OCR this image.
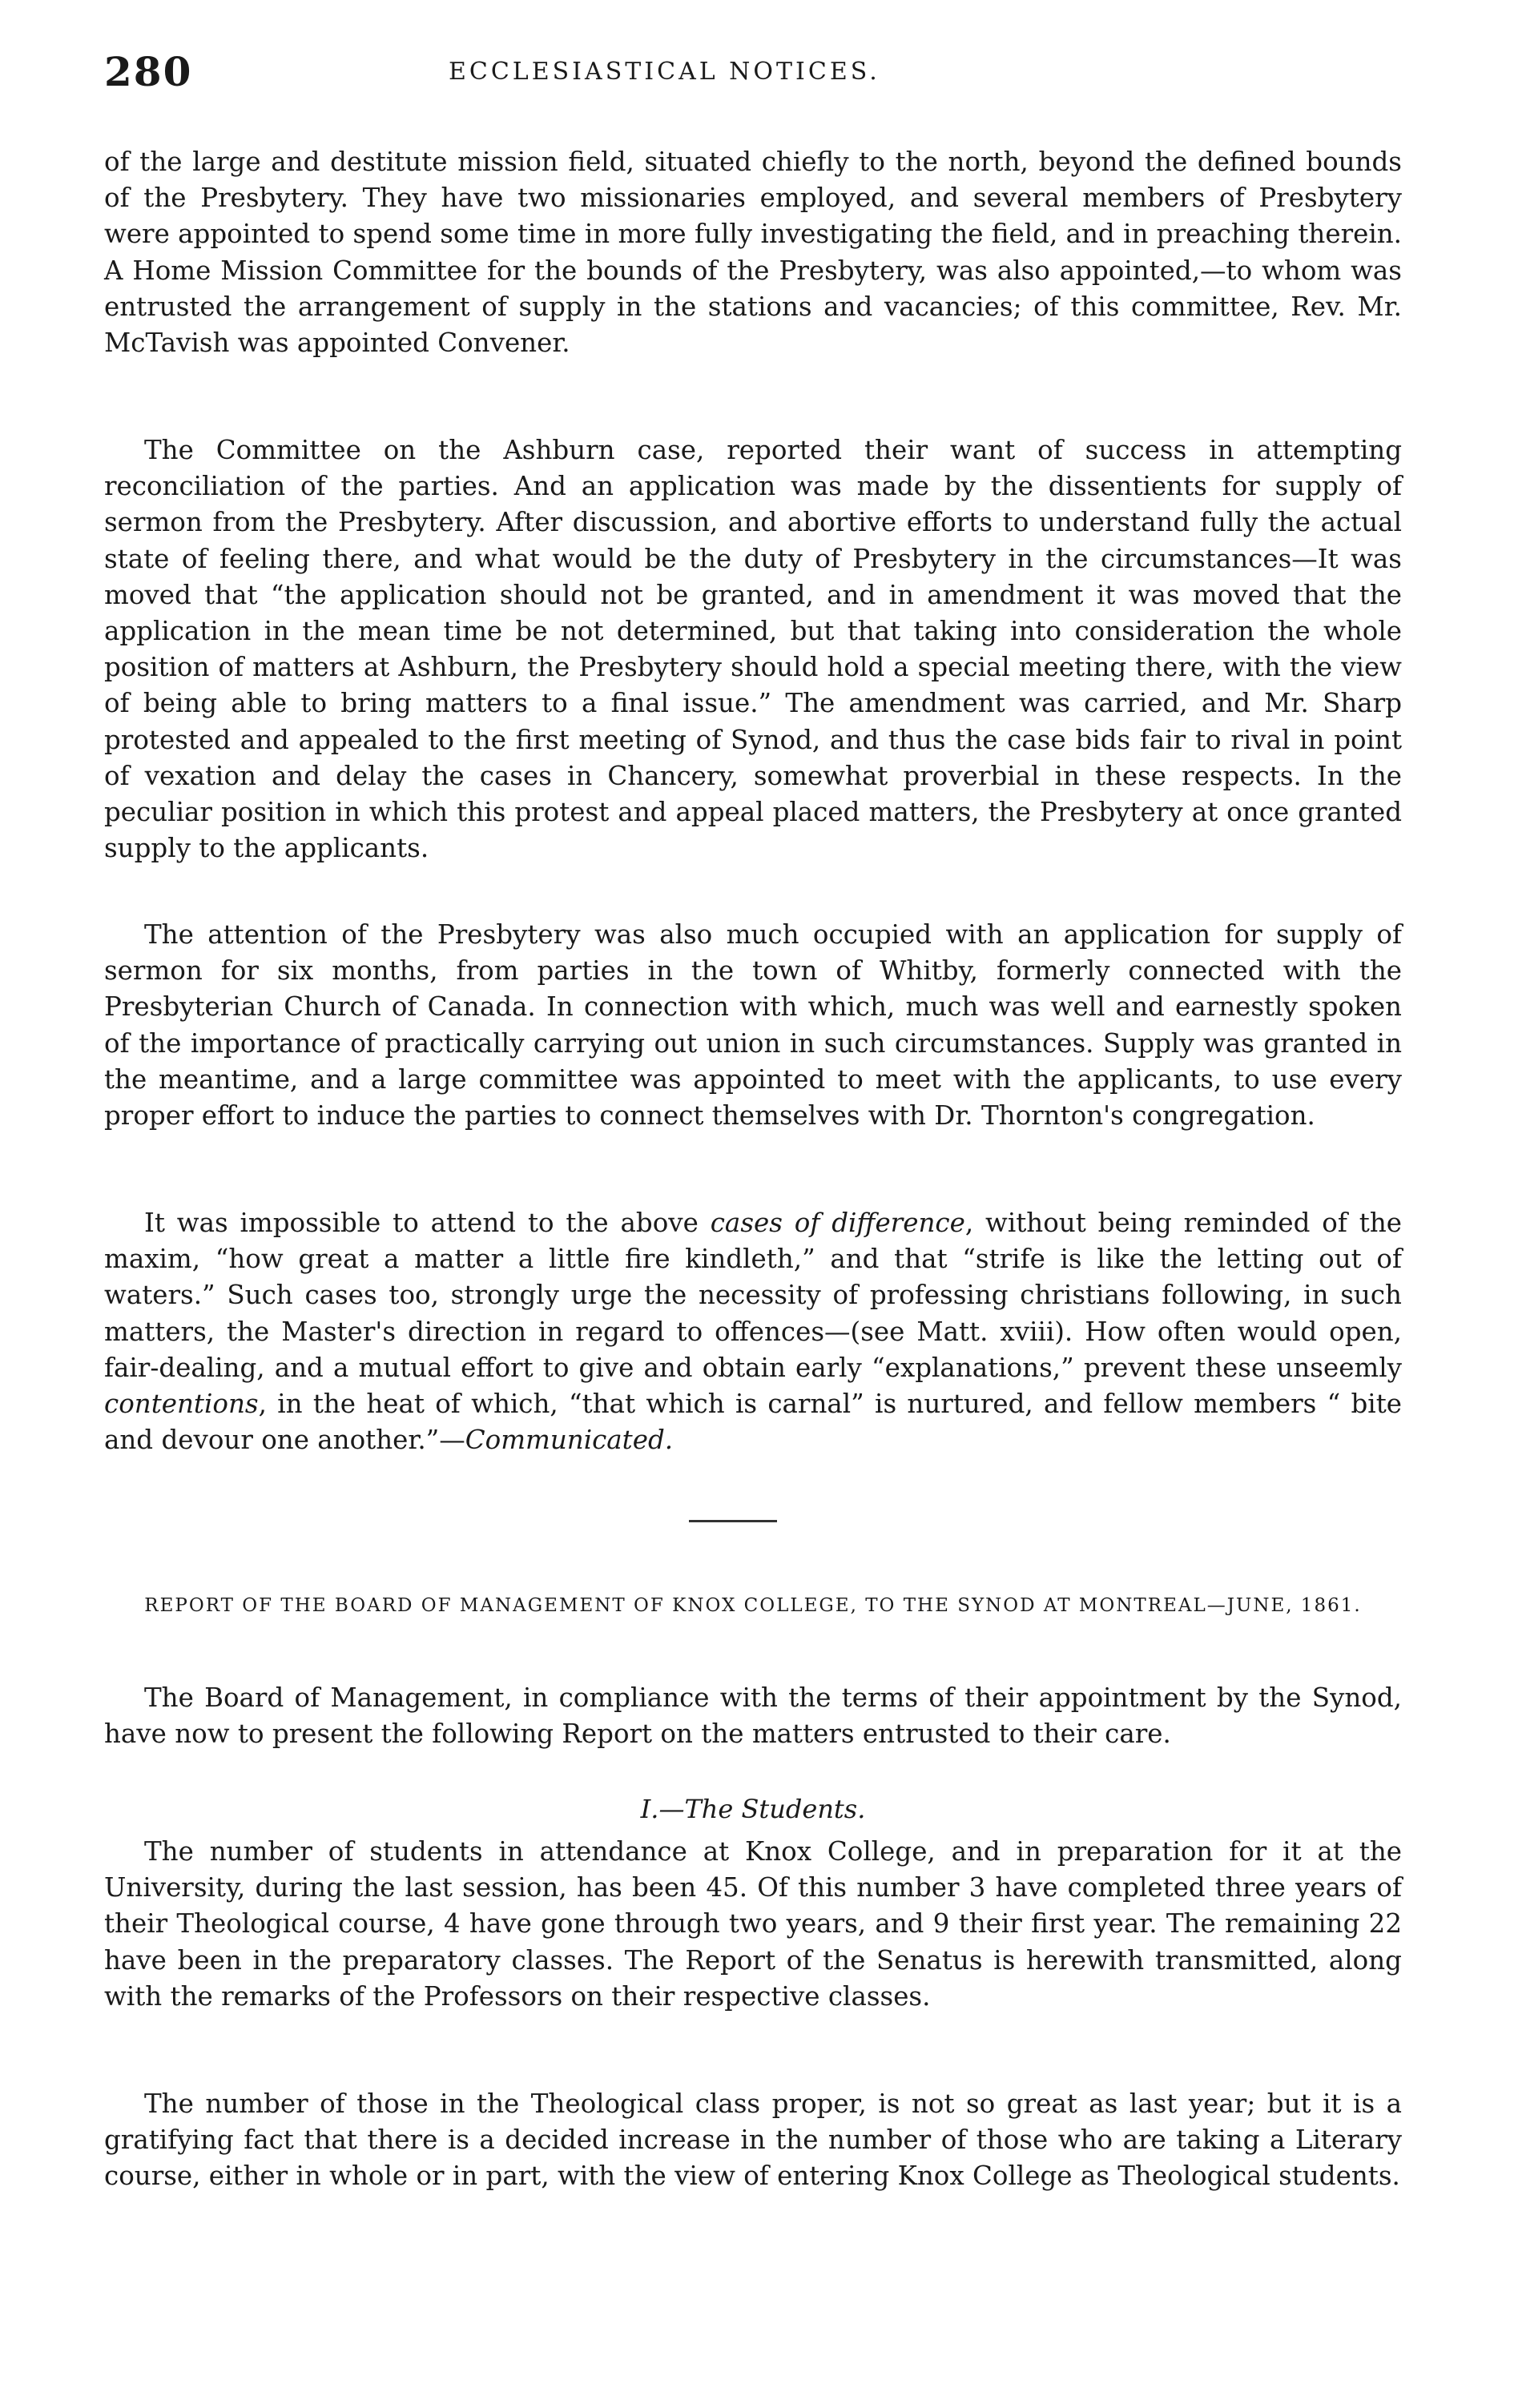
280	ECCLESIASTICAL NOTICES.

of the large and destitute mission field, situated chiefly to the north, beyond the defined bounds of the Presbytery. They have two missionaries employed, and several members of Presbytery were appointed to spend some time in more fully investigating the field, and in preaching therein. A Home Mission Committee for the bounds of the Presbytery, was also appointed,—to whom was entrusted the arrangement of supply in the stations and vacancies; of this committee, Rev. Mr. McTavish was appointed Convener.

The Committee on the Ashburn case, reported their want of success in attempting reconciliation of the parties. And an application was made by the dissentients for supply of sermon from the Presbytery. After discussion, and abortive efforts to understand fully the actual state of feeling there, and what would be the duty of Presbytery in the circumstances—It was moved that “the application should not be granted, and in amendment it was moved that the application in the mean time be not determined, but that taking into consideration the whole position of matters at Ashburn, the Presbytery should hold a special meeting there, with the view of being able to bring matters to a final issue.” The amendment was carried, and Mr. Sharp protested and appealed to the first meeting of Synod, and thus the case bids fair to rival in point of vexation and delay the cases in Chancery, somewhat proverbial in these respects. In the peculiar position in which this protest and appeal placed matters, the Presbytery at once granted supply to the applicants.

The attention of the Presbytery was also much occupied with an application for supply of sermon for six months, from parties in the town of Whitby, formerly connected with the Presbyterian Church of Canada. In connection with which, much was well and earnestly spoken of the importance of practically carrying out union in such circumstances. Supply was granted in the meantime, and a large committee was appointed to meet with the applicants, to use every proper effort to induce the parties to connect themselves with Dr. Thornton's congregation.

It was impossible to attend to the above cases of difference, without being reminded of the maxim, “how great a matter a little fire kindleth,” and that “strife is like the letting out of waters.” Such cases too, strongly urge the necessity of professing christians following, in such matters, the Master's direction in regard to offences—(see Matt. xviii). How often would open, fair-dealing, and a mutual effort to give and obtain early “explanations,” prevent these unseemly contentions, in the heat of which, “that which is carnal” is nurtured, and fellow members “ bite and devour one another.”—Communicated.

REPORT OF THE BOARD OF MANAGEMENT OF KNOX COLLEGE, TO THE SYNOD AT MONTREAL—JUNE, 1861.

The Board of Management, in compliance with the terms of their appointment by the Synod, have now to present the following Report on the matters entrusted to their care.

I.—The Students.

The number of students in attendance at Knox College, and in preparation for it at the University, during the last session, has been 45. Of this number 3 have completed three years of their Theological course, 4 have gone through two years, and 9 their first year. The remaining 22 have been in the preparatory classes. The Report of the Senatus is herewith transmitted, along with the remarks of the Professors on their respective classes.

The number of those in the Theological class proper, is not so great as last year; but it is a gratifying fact that there is a decided increase in the number of those who are taking a Literary course, either in whole or in part, with the view of entering Knox College as Theological students.
